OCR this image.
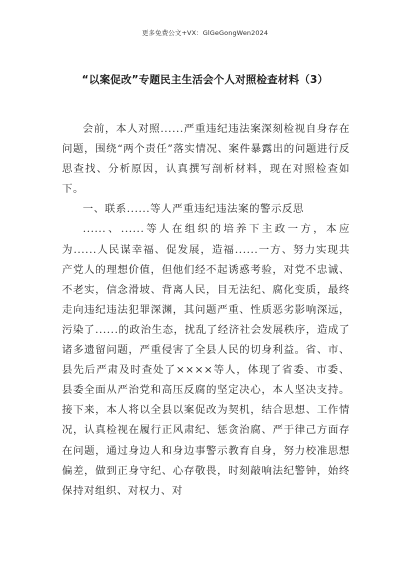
更多免费公文+VX：GlGeGongWen2024
“以案促改”专题民主生活会个人对照检查材料（3）

会前，本人对照......严重违纪违法案深刻检视自身存在问题，围绕“两个责任”落实情况、案件暴露出的问题进行反思查找、分析原因，认真撰写剖析材料，现在对照检查如下。

一、联系......等人严重违纪违法案的警示反思

......、......等人在组织的培养下主政一方，本应为......人民谋幸福、促发展，造福......一方、努力实现共产党人的理想价值，但他们经不起诱惑考验，对党不忠诚、不老实，信念滑坡、背离人民，目无法纪、腐化变质，最终走向违纪违法犯罪深渊，其问题严重、性质恶劣影响深远，污染了......的政治生态，扰乱了经济社会发展秩序，造成了诸多遗留问题，严重侵害了全县人民的切身利益。省、市、县先后严肃及时查处了××××等人，体现了省委、市委、县委全面从严治党和高压反腐的坚定决心，本人坚决支持。接下来，本人将以全县以案促改为契机，结合思想、工作情况，认真检视在履行正风肃纪、惩贪治腐、严于律己方面存在问题，通过身边人和身边事警示教育自身，努力校准思想偏差，做到正身守纪、心存敬畏，时刻敲响法纪警钟，始终保持对组织、对权力、对
